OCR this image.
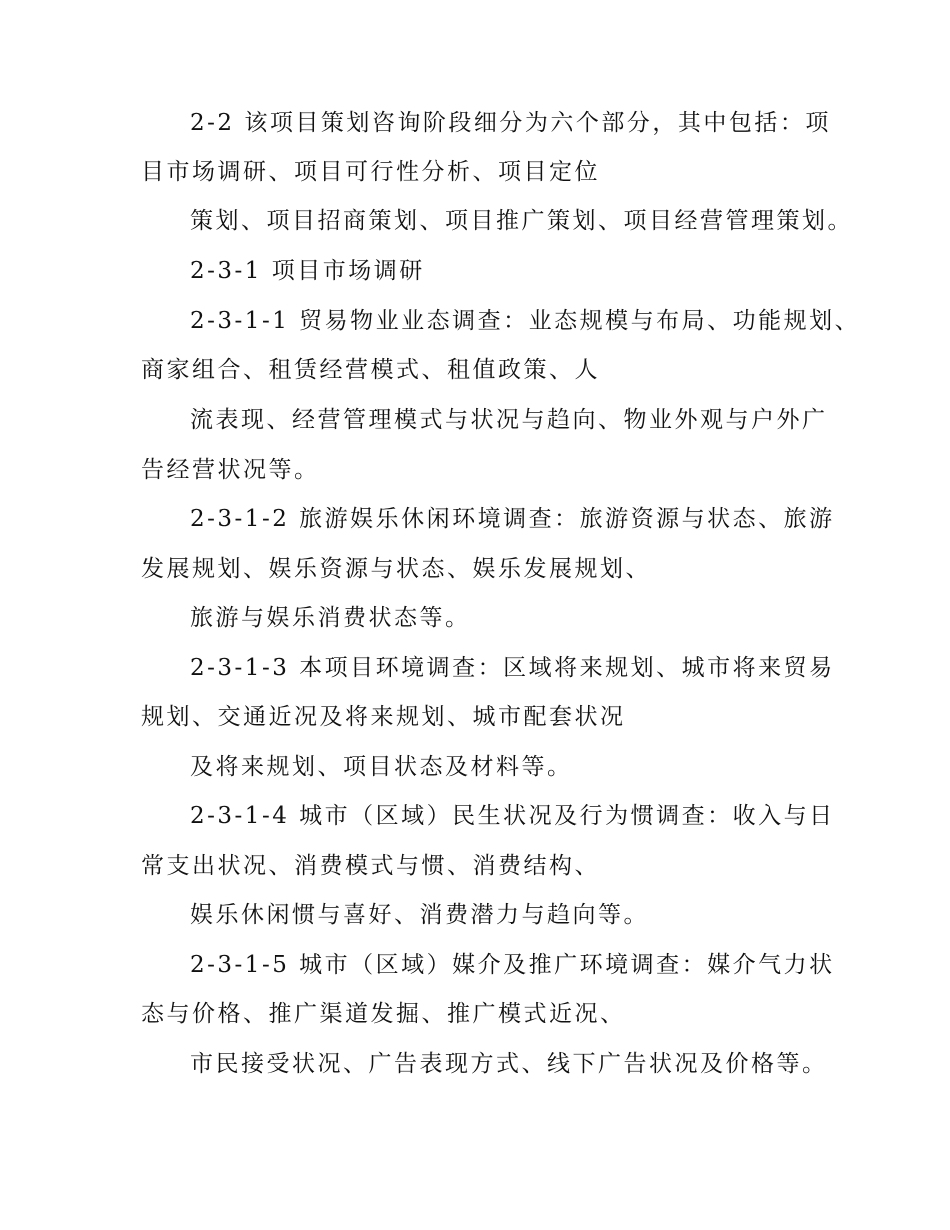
2-2 该项目策划咨询阶段细分为六个部分，其中包括：项
目市场调研、项目可行性分析、项目定位
策划、项目招商策划、项目推广策划、项目经营管理策划。
2-3-1 项目市场调研
2-3-1-1 贸易物业业态调查：业态规模与布局、功能规划、
商家组合、租赁经营模式、租值政策、人
流表现、经营管理模式与状况与趋向、物业外观与户外广
告经营状况等。
2-3-1-2 旅游娱乐休闲环境调查：旅游资源与状态、旅游
发展规划、娱乐资源与状态、娱乐发展规划、
旅游与娱乐消费状态等。
2-3-1-3 本项目环境调查：区域将来规划、城市将来贸易
规划、交通近况及将来规划、城市配套状况
及将来规划、项目状态及材料等。
2-3-1-4 城市（区域）民生状况及行为惯调查：收入与日
常支出状况、消费模式与惯、消费结构、
娱乐休闲惯与喜好、消费潜力与趋向等。
2-3-1-5 城市（区域）媒介及推广环境调查：媒介气力状
态与价格、推广渠道发掘、推广模式近况、
市民接受状况、广告表现方式、线下广告状况及价格等。
